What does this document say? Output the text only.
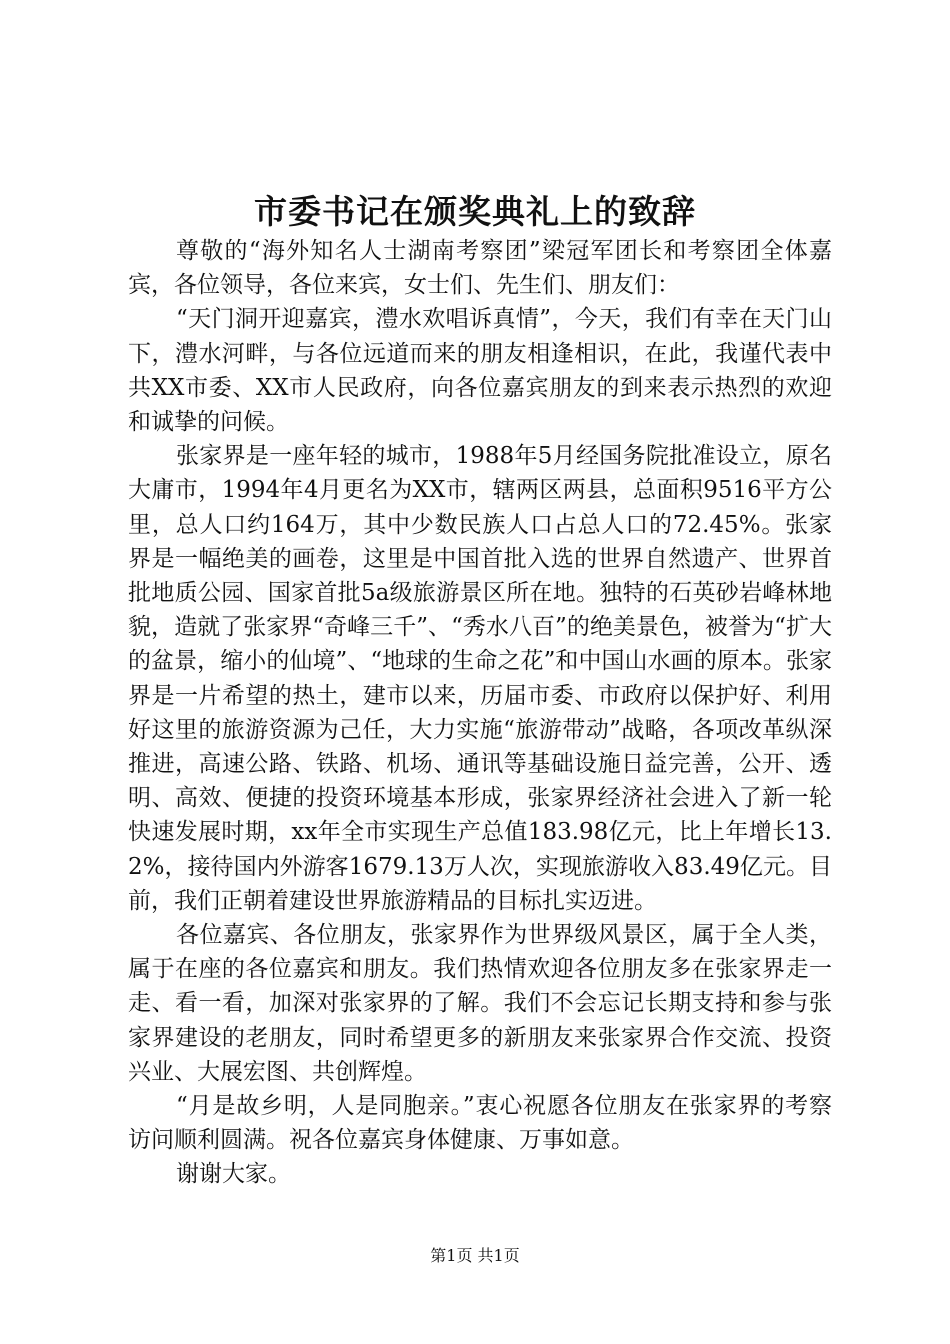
市委书记在颁奖典礼上的致辞

尊敬的“海外知名人士湖南考察团”梁冠军团长和考察团全体嘉宾，各位领导，各位来宾，女士们、先生们、朋友们：

“天门洞开迎嘉宾，澧水欢唱诉真情”，今天，我们有幸在天门山下，澧水河畔，与各位远道而来的朋友相逢相识，在此，我谨代表中共XX市委、XX市人民政府，向各位嘉宾朋友的到来表示热烈的欢迎和诚挚的问候。

张家界是一座年轻的城市，1988年5月经国务院批准设立，原名大庸市，1994年4月更名为XX市，辖两区两县，总面积9516平方公里，总人口约164万，其中少数民族人口占总人口的72.45%。张家界是一幅绝美的画卷，这里是中国首批入选的世界自然遗产、世界首批地质公园、国家首批5a级旅游景区所在地。独特的石英砂岩峰林地貌，造就了张家界“奇峰三千”、“秀水八百”的绝美景色，被誉为“扩大的盆景，缩小的仙境”、“地球的生命之花”和中国山水画的原本。张家界是一片希望的热土，建市以来，历届市委、市政府以保护好、利用好这里的旅游资源为己任，大力实施“旅游带动”战略，各项改革纵深推进，高速公路、铁路、机场、通讯等基础设施日益完善，公开、透明、高效、便捷的投资环境基本形成，张家界经济社会进入了新一轮快速发展时期，xx年全市实现生产总值183.98亿元，比上年增长13.2%，接待国内外游客1679.13万人次，实现旅游收入83.49亿元。目前，我们正朝着建设世界旅游精品的目标扎实迈进。

各位嘉宾、各位朋友，张家界作为世界级风景区，属于全人类，属于在座的各位嘉宾和朋友。我们热情欢迎各位朋友多在张家界走一走、看一看，加深对张家界的了解。我们不会忘记长期支持和参与张家界建设的老朋友，同时希望更多的新朋友来张家界合作交流、投资兴业、大展宏图、共创辉煌。

“月是故乡明，人是同胞亲。”衷心祝愿各位朋友在张家界的考察访问顺利圆满。祝各位嘉宾身体健康、万事如意。

谢谢大家。

第1页 共1页
